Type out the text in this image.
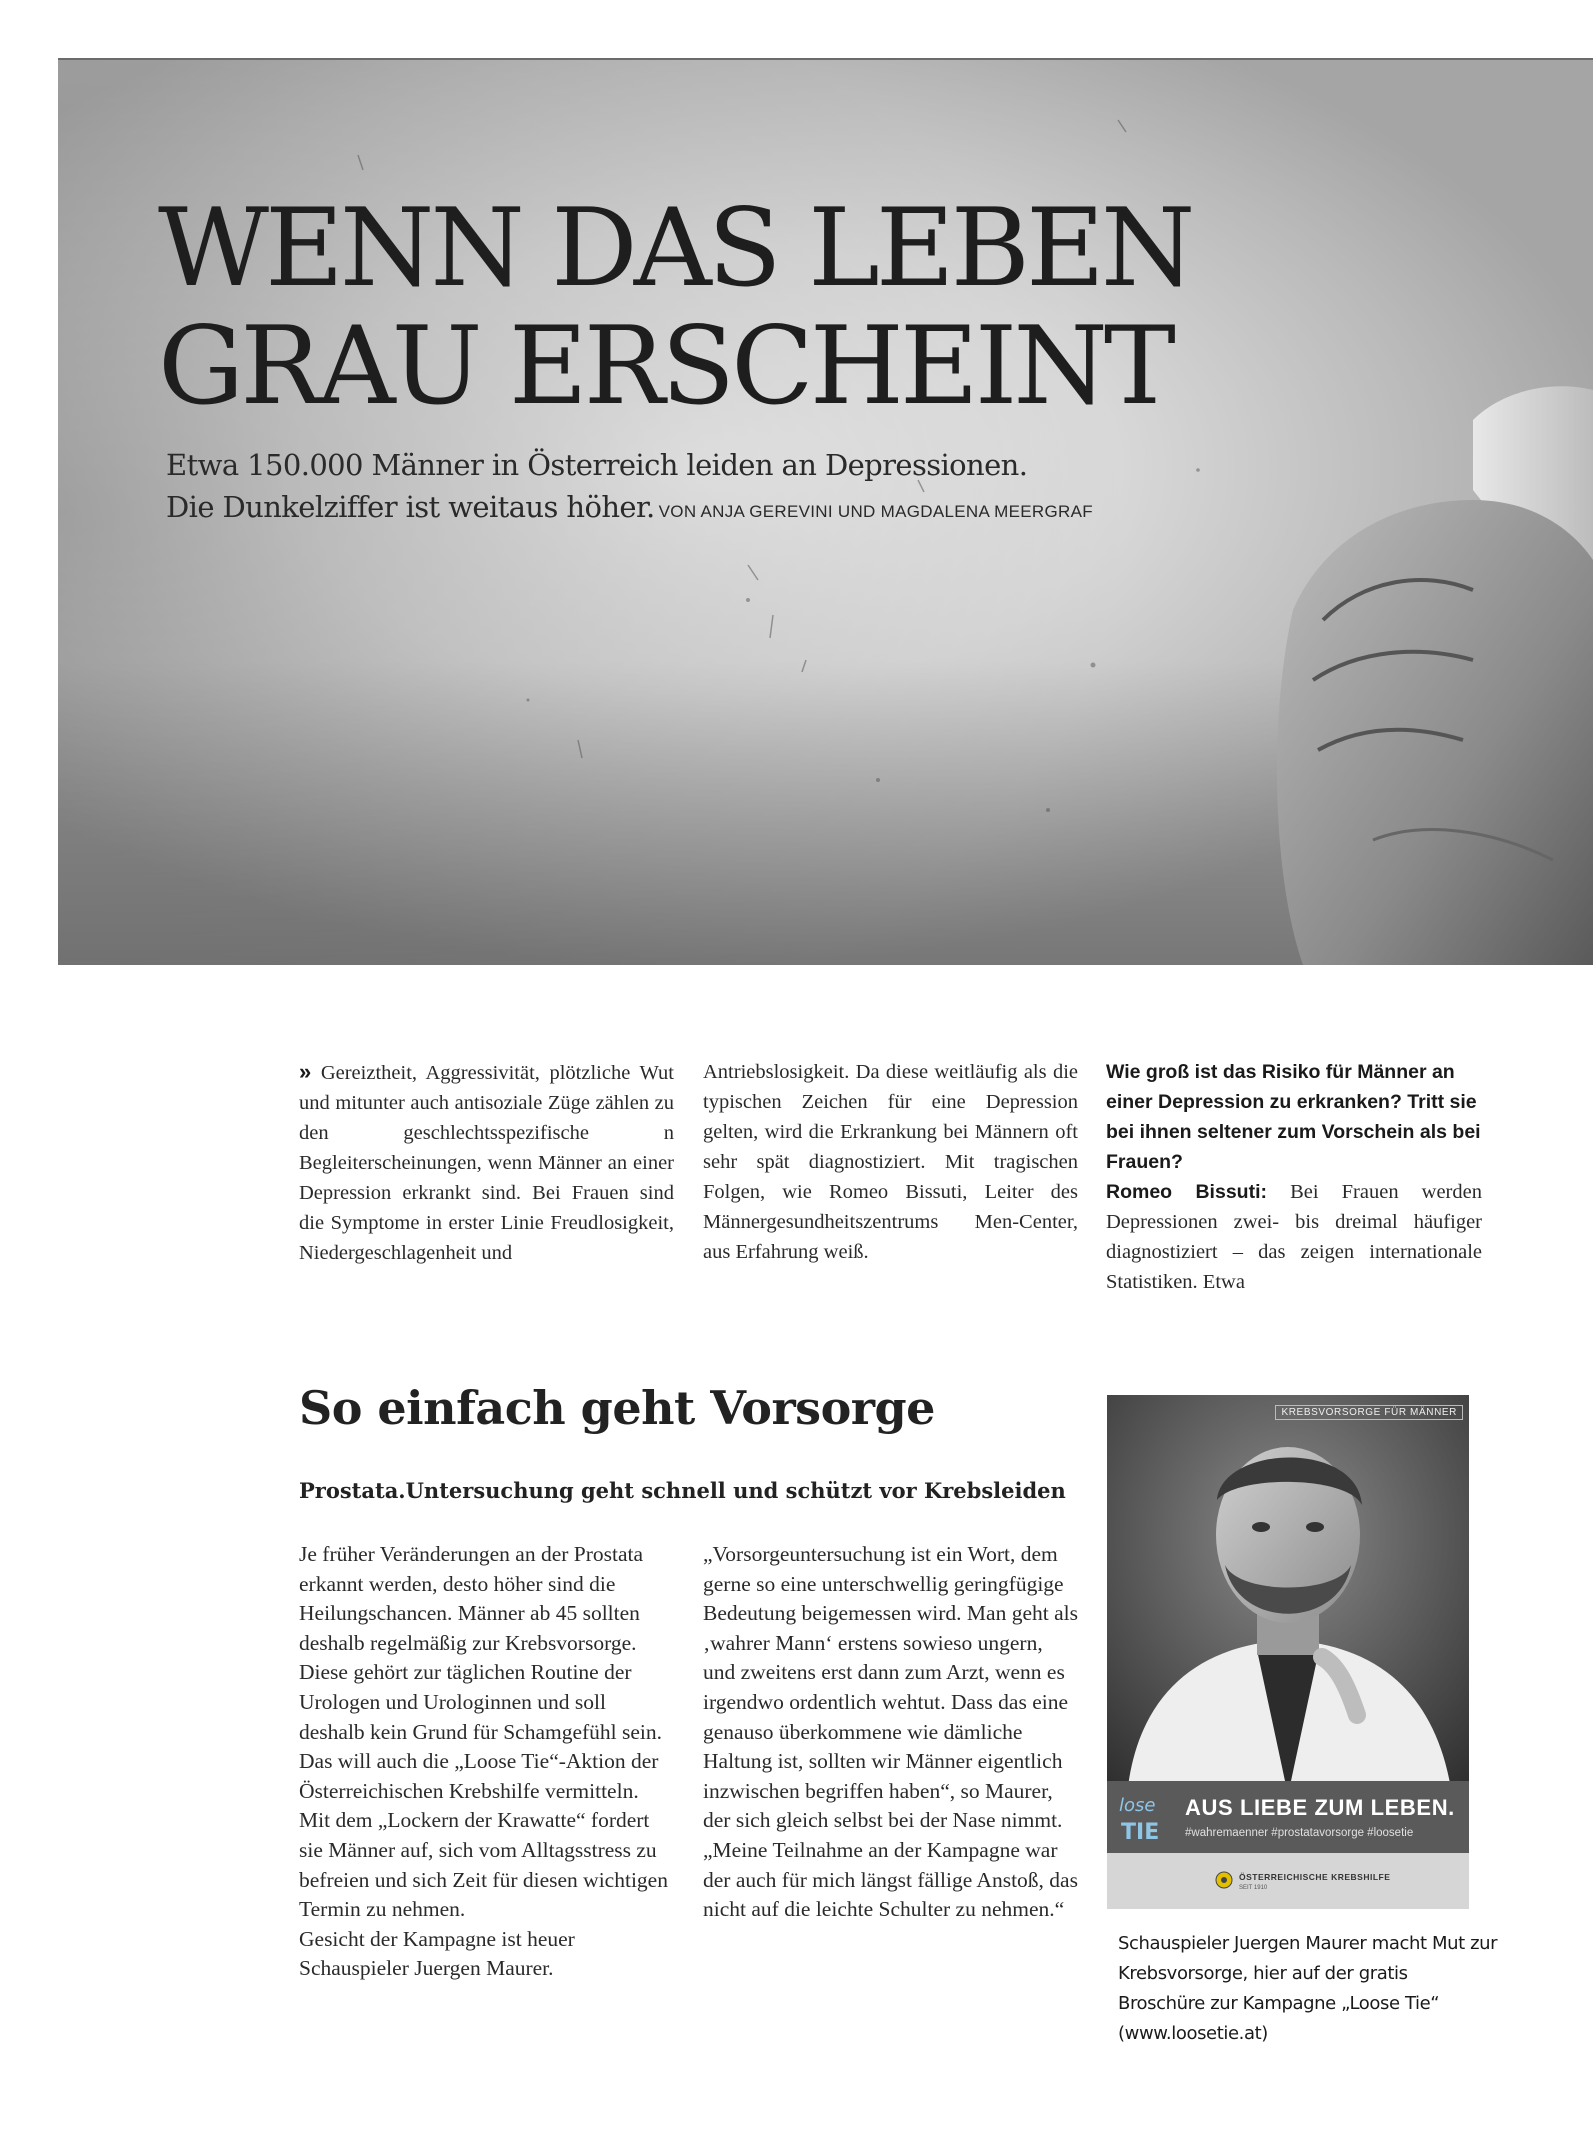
WENN DAS LEBEN
GRAU ERSCHEINT

Etwa 150.000 Männer in Österreich leiden an Depressionen.
Die Dunkelziffer ist weitaus höher. VON ANJA GEREVINI UND MAGDALENA MEERGRAF

» Gereiztheit, Aggressivität, plötzliche Wut und mitunter auch antisoziale Züge zählen zu den geschlechtsspezifische n Begleiterscheinungen, wenn Männer an einer Depression erkrankt sind. Bei Frauen sind die Symptome in erster Linie Freudlosigkeit, Niedergeschlagenheit und

Antriebslosigkeit. Da diese weitläufig als die typischen Zeichen für eine Depression gelten, wird die Erkrankung bei Männern oft sehr spät diagnostiziert. Mit tragischen Folgen, wie Romeo Bissuti, Leiter des Männergesundheitszentrums Men-Center, aus Erfahrung weiß.

Wie groß ist das Risiko für Männer an einer Depression zu erkranken? Tritt sie bei ihnen seltener zum Vorschein als bei Frauen?

Romeo Bissuti: Bei Frauen werden Depressionen zwei- bis dreimal häufiger diagnostiziert – das zeigen internationale Statistiken. Etwa

So einfach geht Vorsorge

Prostata.Untersuchung geht schnell und schützt vor Krebsleiden

Je früher Veränderungen an der Prostata erkannt werden, desto höher sind die Heilungschancen. Männer ab 45 sollten deshalb regelmäßig zur Krebsvorsorge. Diese gehört zur täglichen Routine der Urologen und Urologinnen und soll deshalb kein Grund für Schamgefühl sein. Das will auch die „Loose Tie“-Aktion der Österreichischen Krebshilfe vermitteln. Mit dem „Lockern der Krawatte“ fordert sie Männer auf, sich vom Alltagsstress zu befreien und sich Zeit für diesen wichtigen Termin zu nehmen.

Gesicht der Kampagne ist heuer Schauspieler Juergen Maurer.

„Vorsorgeuntersuchung ist ein Wort, dem gerne so eine unterschwellig geringfügige Bedeutung beigemessen wird. Man geht als ‚wahrer Mann‘ erstens sowieso ungern, und zweitens erst dann zum Arzt, wenn es irgendwo ordentlich wehtut. Dass das eine genauso überkommene wie dämliche Haltung ist, sollten wir Männer eigentlich inzwischen begriffen haben“, so Maurer, der sich gleich selbst bei der Nase nimmt. „Meine Teilnahme an der Kampagne war der auch für mich längst fällige Anstoß, das nicht auf die leichte Schulter zu nehmen.“

KREBSVORSORGE FÜR MÄNNER
lose
TIE
AUS LIEBE ZUM LEBEN.
#wahremaenner #prostatavorsorge #loosetie
ÖSTERREICHISCHE KREBSHILFE
SEIT 1910

Schauspieler Juergen Maurer macht Mut zur Krebsvorsorge, hier auf der gratis Broschüre zur Kampagne „Loose Tie“ (www.loosetie.at)
